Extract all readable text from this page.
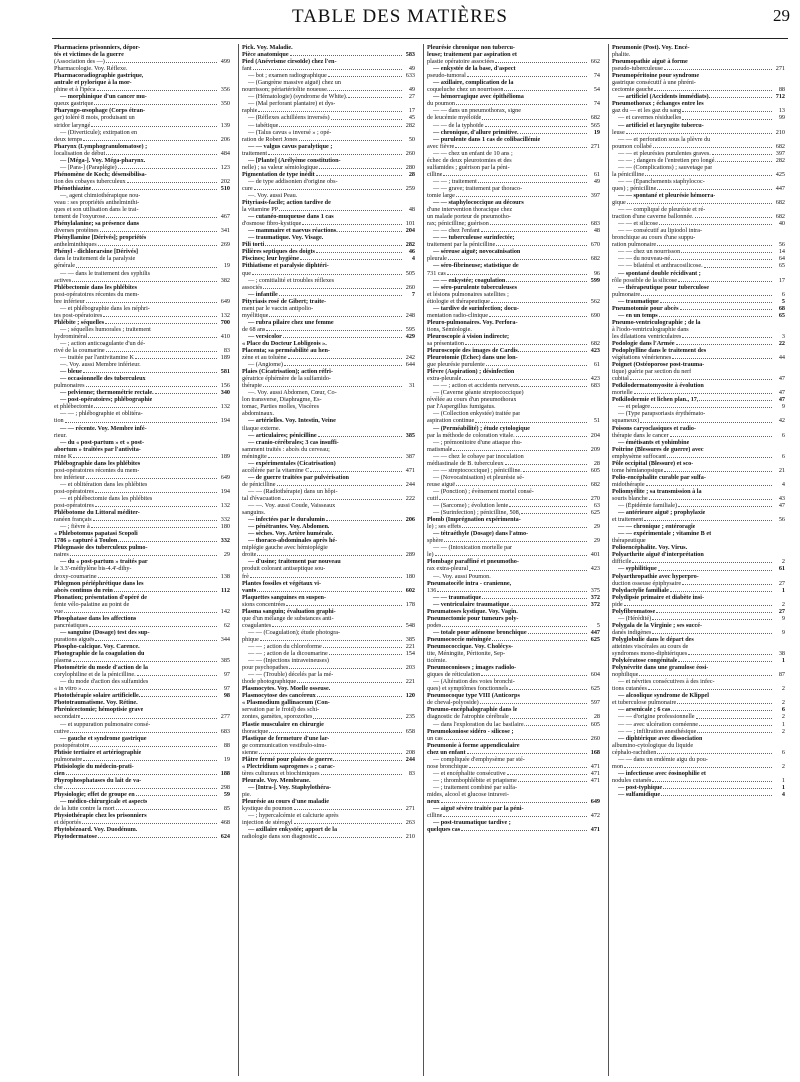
TABLE DES MATIÈRES	29
Pharmaciens prisonniers, dépor-
tés et victimes de la guerre
(Association des —)	499
Pharmacologie. Voy. Réflexe.
Pharmacoradiographie gastrique,
antrale et pylorique à la mor-
phine et à l'ipéca	356
— morphinique d'un cancer mu-
queux gastrique	350
Pharyngo-œsophage (Corps étran-
ger) toléré 8 mois, produisant un
stridor laryngé	139
— (Diverticule); extirpation en
deux temps	206
Pharynx (Lymphogranulomatose) ;
localisation de début	484
— [Méga-]. Voy. Méga-pharynx.
— [Para-] (Paraplégie)	123
Phénomène de Koch; désensibilisa-
tion des cobayes tuberculeux	202
Phénothiazine	510
—, agent chimiothérapique nou-
veau : ses propriétés anthelminthi-
ques et son utilisation dans le trai-
tement de l'oxyurose	467
Phénylalanine; sa présence dans
diverses protéines	341
Phényllamine [Dérivés]; propriétés
anthelminthiques	269
Phényl - dichlorarsine [Dérivés]
dans le traitement de la paralysie
générale	19
— — dans le traitement des syphilis
actives	382
Phlébectomie dans les phlébites
post-opératoires récentes du mem-
bre inférieur	649
— et phlébographie dans les néphri-
tes post-opératoires	132
Phlébite ; séquelles	700
— ; séquelles humorales ; traitement
hydrominéral	410
— ; action anticoagulante d'un dé-
rivé de la coumarine	83
— traitée par l'antivitamine K	189
—. Voy. aussi Membre inférieur.
— bleue	581
— occasionnelle des tuberculeux
pulmonaires	156
— pelvienne; thermométrie rectale.	340
— post-opératoires; phlébographie
et phlébectomie	132
— — ; phlébographie et oblitéra-
tion	194
— — récente. Voy. Membre infé-
rieur.
— du « post-partum » et « post-
abortum » traitées par l'antivita-
mine K	189
Phlébographie dans les phlébites
post-opératoires récentes du mem-
bre inférieur	649
— et oblitération dans les phlébites
post-opératoires	194
— et phlébectomie dans les phlébites
post-opératoires	132
Phlébotome du Littoral méditer-
ranéen français	332
— ; fièvre à	180
« Phlebotomus papatasi Scopoli
1786 » capturé à Toulon	332
Phlegmasie des tuberculeux pulmo-
naires	29
— du « post-partum » traités par
le 3.3'-méthylène bis-4.4'-dihy-
droxy-coumarine	138
Phlegmon périéphrétique dans les
abcès continus du rein	112
Phonation; présentation d'opéré de
fente vélo-palatine au point de
vue	142
Phosphatase dans les affections
pancréatiques	62
— sanguine (Dosage) test des sup-
purations aiguës	344
Phospho-calcique. Voy. Carence.
Photographie de la coagulation du
plasma	385
Photométrie du mode d'action de la
corylophiline et de la pénicilline.	97
— du mode d'action des sulfamides
« in vitro »	97
Photothérapie solaire artificielle.	98
Phototraumatisme. Voy. Rétine.
Phrénicectomie; hémoptisie grave
secondaire	277
— et suppuration pulmonaire consé-
cutive	683
— gauche et syndrome gastrique
postopératoire	88
Phtisie tertiaire et artériographie
pulmonaire	19
Phtisiologie du médecin-prati-
cien	188
Phyrophosphatases du lait de va-
che	298
Physiologie; effet de groupe en	59
— médico-chirurgicale et aspects
de la lutte contre la mort	85
Physiothérapie chez les prisonniers
et déportés	468
Phytobézoard. Voy. Duodénum.
Phytodermatose	624
Pick. Voy. Maladie.
Pièce anatomique	583
Pied (Anévrisme cirsoïde) chez l'en-
fant	49
— bot ; examen radiographique	633
— (Gangrène massive aiguë) chez un
nourrisson; périartériolite noueuse.	49
— (Hématologie) (syndrome de White).	27
— (Mal perforant plantaire) et dys-
raphie	17
— (Réflexes achilléens inversés)	45
— tabétique	282
— (Talus cavus « inversé » ; opé-
ration de Robert Jones	50
— — valgus cavus paralytique ;
traitement	260
— [Plante] (Arélyème constitution-
nelle) ; sa valeur sémiologique	280
Pigmentation de type inédit	28
— de type addisonien d'origine obs-
cure	259
—. Voy. aussi Peau.
Pityriasis-facile; action tardive de
la vitamine PP	48
— cutanéo-muqueuse dans 1 cas
d'osmose fibro-kystique	101
— mammaire et naevus réactions.	204
— traumatique. Voy. Visage.
Pili torti	282
Pilières septiques des doigts	46
Piscines; leur hygiène	4
Pithiatisme et paralysie diphtéri-
que	505
— ; comitialité et troubles réflexes
associés	260
— infantile	7
Pityriasis rosé de Gibert; traite-
ment par le vaccin antipolio-
myélitique	248
— rubra pilaire chez une femme
de 68 ans	595
— versicolor	429
« Place du Docteur Lobligeois ».
Placenta; sa perméabilité au hen-
zène et au toluène	242
— (Angiome)	644
Plaies (Cicatrisation); action réfri-
gératrice éphémère de la sulfamido-
thérapie	31
—. Voy. aussi Abdomen, Cœur, Co-
lon transverse, Diaphragme, Es-
tomac, Parties molles, Viscères
abdominaux.
— artérielles. Voy. Intestin, Veine
iliaque externe.
— articulaires; pénicilline	385
— cranio-cérébrales; 3 cas insuffi-
samment traités : abcès du cerveau;
méningite	387
— expérimentales (Cicatrisation)
accélérée par la vitamine C	471
— de guerre traitées par pulvérisation
de pénicilline	244
— — (Radiothérapie) dans un hôpi-
tal d'évacuation	222
— —. Voy. aussi Coude, Vaisseaux
sanguins.
— infectées par le duralumin	206
— pénétrantes. Voy. Abdomen.
— sèches. Voy. Artère humérale.
— thoraco-abdominales après hé-
miplégie gauche avec hémioplégie
droite	289
— d'usine; traitement par nouveau
produit colorant antiseptique sou-
frè	180
Plantes fossiles et végétaux vi-
vants	602
Plaquettes sanguines en suspen-
sions concentrées	178
Plasma sanguin; évaluation graphi-
que d'un mélange de substances anti-
coagulantes	548
— — (Coagulation); étude photogra-
phique	385
— — ; action du chloroforme	221
— — ; action de la dicoumarine	154
— — (Injections intraveineuses)
pour psychopathes	203
— — (Trouble) décelés par la mé-
thode photographique	221
Plasmocytes. Voy. Moelle osseuse.
Plasmocytose des cancéreux	120
« Plasmodium gallinaceum (Con-
servation par le froid) des schi-
zontes, gamètes, sporozoïtes	235
Plastie musculaire en chirurgie
thoracique	658
Plastique de fermeture d'une lar-
ge communication vestibulo-sinu-
sienne	208
Plâtre fermé pour plaies de guerre.	244
« Plectridium saprogenes » ; carac-
tères culturaux et biochimiques	83
Pleurale. Voy. Membrane.
— [Intra-]. Voy. Staphylothéra-
pie.
Pleurésie au cours d'une maladie
kystique du poumon	271
— ; hypercalcémie et calciurie après
injection de stérogyl	263
— axillaire enkystée; apport de la
radiologie dans son diagnostic	210
Pleurésie chronique non tubercu-
leuse; traitement par aspiration et
plastie opératoire associées	662
— enkystée de la base, d'aspect
pseudo-tumoral	74
— axillaire, complication de la
coqueluche chez un nourrisson	54
— hémorragique avec épithélioma
du poumon	74
— — dans un pneumothorax, signe
de leucémie myéloïde	682
— — de la typhoïde	565
— chronique, d'allure primitive.	19
— purulente dans 1 cas de colibacillémie
avec fièvre	271
— — chez un enfant de 10 ans ;
échec de deux pleurotomies et des
sulfamides ; guérison par la péni-
cilline	61
— — ; traitement	49
— — grave; traitement par thoraco-
tomie large	397
— — staphylococcique au décours
d'une intervention thoracique chez
un malade porteur de pneumotho-
rax; pénicilline; guérison	683
— — chez l'enfant	48
— — tuberculeuse surinfectée;
traitement par la pénicilline	670
— séreuse aiguë; novocaïnisation
pleurale	682
— séro-fibrineuse; statistique de
731 cas	96
— — enkystée; coagulation	599
— séro-purulente tuberculeuses
et lésions pulmonaires satellites ;
étiologie et thérapeutique	562
— tardive de surinfection; docu-
mentation radio-clinique	690
Pleuro-pulmonaires. Voy. Perfora-
tions, Sémiologie.
Pleuroscopie à vision indirecte;
sa présentation	682
Pleuroscopie des images de Cardis.	423
Pleurotomie (Échec) dans une lon-
gue pleurésie purulente	61
Plèvre (Aspiration) ; désinfection
extra-pleurale	423
— — ; action et accidents nerveux.	683
— (Caverne géante streptococcique)
révélée au cours d'un pneumothorax
par l'Aspergillus fumigatus.
— (Collection enkystée) traitée par
aspiration continue	51
— (Perméabilité) ; étude cytologique
par la méthode de coloration vitale.	204
— ; prémonitoire d'une attaque rhu-
matismale	209
— — chez le cobaye par inoculation
médiastinale de B. tuberculeux	28
— — streptococcique) ; pénicilline.	605
— (Novocaïnisation) et pleurésie sé-
reuse aiguë	682
— (Ponction) ; évènement mortel consé-
cutif	270
— (Sarcome) ; évolution lente	63
— (Surinfection) ; pénicilline, 508,	625
Plomb (Imprégnation expérimenta-
le) ; ses effets	29
— tétraéthyle (Dosage) dans l'atmo-
sphère	29
— — (Intoxication mortelle par
le)	401
Plombage paraffiné et pneumotho-
rax extra-pleural	423
—. Voy. aussi Poumon.
Pneumatocèle intra - cranienne,
136	375
— — traumatique	372
— ventriculaire traumatique	372
Pneumatoses kystique. Voy. Vagin.
Pneumectomie pour tumeurs poly-
podes	5
— totale pour adénome bronchique	447
Pneumococcie méningée	625
Pneumococcique. Voy. Cholécys-
tite, Méningite, Péritonite, Sep-
ticémie.
Pneumoconioses ; images radiolo-
giques de réticulation	604
— (Altération des voies bronchi-
ques) et symptômes fonctionnels	625
Pneumocoque type VIII (Anticorps
de cheval-polyoside)	597
Pneumo-encéphalographie dans le
diagnostic de l'atrophie cérébrale	28
— dans l'exploration du lac basilaire.	605
Pneumokoniose sidéro - silicose ;
un cas	260
Pneumonie à forme appendiculaire
chez un enfant	168
— compliquée d'emphysème par sté-
nose bronchique	471
— et encéphalite consécutive	471
— ; thrombophlébite et priapisme	471
— ; traitement combiné par sulfa-
mides, alcool et glucose intravei-
neux	649
— aiguë sévère traitée par la péni-
cilline	472
— post-traumatique tardive ;
quelques cas	471
Pneumonie (Post). Voy. Encé-
phalite.
Pneumopathie aiguë à forme
pseudo-tuberculeuse	271
Pneumopéritoine pour syndrome
gastrique consécutif à une phréni-
cectomie gauche	88
— artificiel (Accidents immédiats).	712
Pneumothorax ; échanges entre les
gaz du — et les gaz du sang	13
— et cavernes résiduelles	99
— artificiel et laryngite tubercu-
leuse	210
— — et perforation sous la plèvre du
poumon collabé	682
— — et pleurésies purulentes graves.	397
— — ; dangers de l'entretien pro longé.	282
— — (Complications) ; sauvetage par
la pénicilline	425
— — (Épanchements staphylococ-
ques) ; pénicilline	447
— — spontané et pleurésie hémorra-
gique	682
— — compliqué de pleurésie et ré-
traction d'une caverne ballonnée.	682
— — et silicose	40
— — consécutif au lipiodol intra-
bronchique au cours d'une suppu-
ration pulmonaire	56
— — chez un nourrisson	14
— — du nouveau-né	64
— — bilatéral et anthracosilicose.	65
— spontané double récidivant ;
rôle possible de la silicose	17
— thérapeutique pour tuberculose
pulmonaire	6
— traumatique	5
Pneumotomie pour abcès	68
— en un temps	65
Pneumo-ventriculographie ; de la
à l'iodo-ventriculographie dans
les dilatations ventriculaires	3
Podologie dans l'Armée	22
Podophylline dans le traitement des
végétations vénériennes	44
Poignet (Ostéoporose post-trauma-
tique) guérie par section du nerf
cubital	47
Poïkilodermatomyosite à évolution
mortelle	47
Poïkilodermie et lichen plan., 17,	47
— et pelagre	9
— (Type parapsoriasis érythémato-
squameux)	42
Poisons caryoclasiques et radio-
thérapie dans le cancer	6
— émétisants et yohimbine
Poitrine (Blessures de guerre) avec
emphysème suffocant	6
Pôle occipital (Blessure) et sco-
tome hémianopsique	21
Polio-encéphalite curable par sulfa-
midothérapie	4
Poliomyélite ; sa transmission à la
souris blanche	43
— (Épidémie familiale)	47
— antérieure aiguë ; prophylaxie
et traitement	56
— — chronique ; entéroragie
— — expérimentale ; vitamine B et
thérapeutique
Polioencéphalite. Voy. Virus.
Polyarthrite aiguë d'interprétation
difficile	2
— syphilitique	61
Polyarthropathie avec hyperpro-
duction osseuse épiphysaire	27
Polydactylie familiale	1
Polydipsie primaire et diabète insi-
pide	2
Polyfibromatose	27
— (Hérédité)	9
Polygala de la Virginie ; ses succé-
danés indigènes	9
Polyglobulie dans le départ des
atteintes viscérales au cours de
syndromes mono-diphtériques	38
Polykératose congénitale	1
Polynévrite dans une granulose éosi-
nophilique	87
— et névrites consécutives à des infec-
tions cutanées	2
— alcoolique syndrome de Klippel
et tuberculose pulmonaire	2
— arsenicale ; 6 cas	6
— — d'origine professionnelle	2
— — avec ulcération cornéenne	1
— — ; infiltration anesthésique	2
— diphtérique avec dissociation
albumino-cytologique du liquide
céphalo-rachidien	6
— — dans un endémie aigu du pou-
mon	2
— infectieuse avec éosinophilie et
nodules cutanés	1
— post-typhique	1
— sulfamidique	4
